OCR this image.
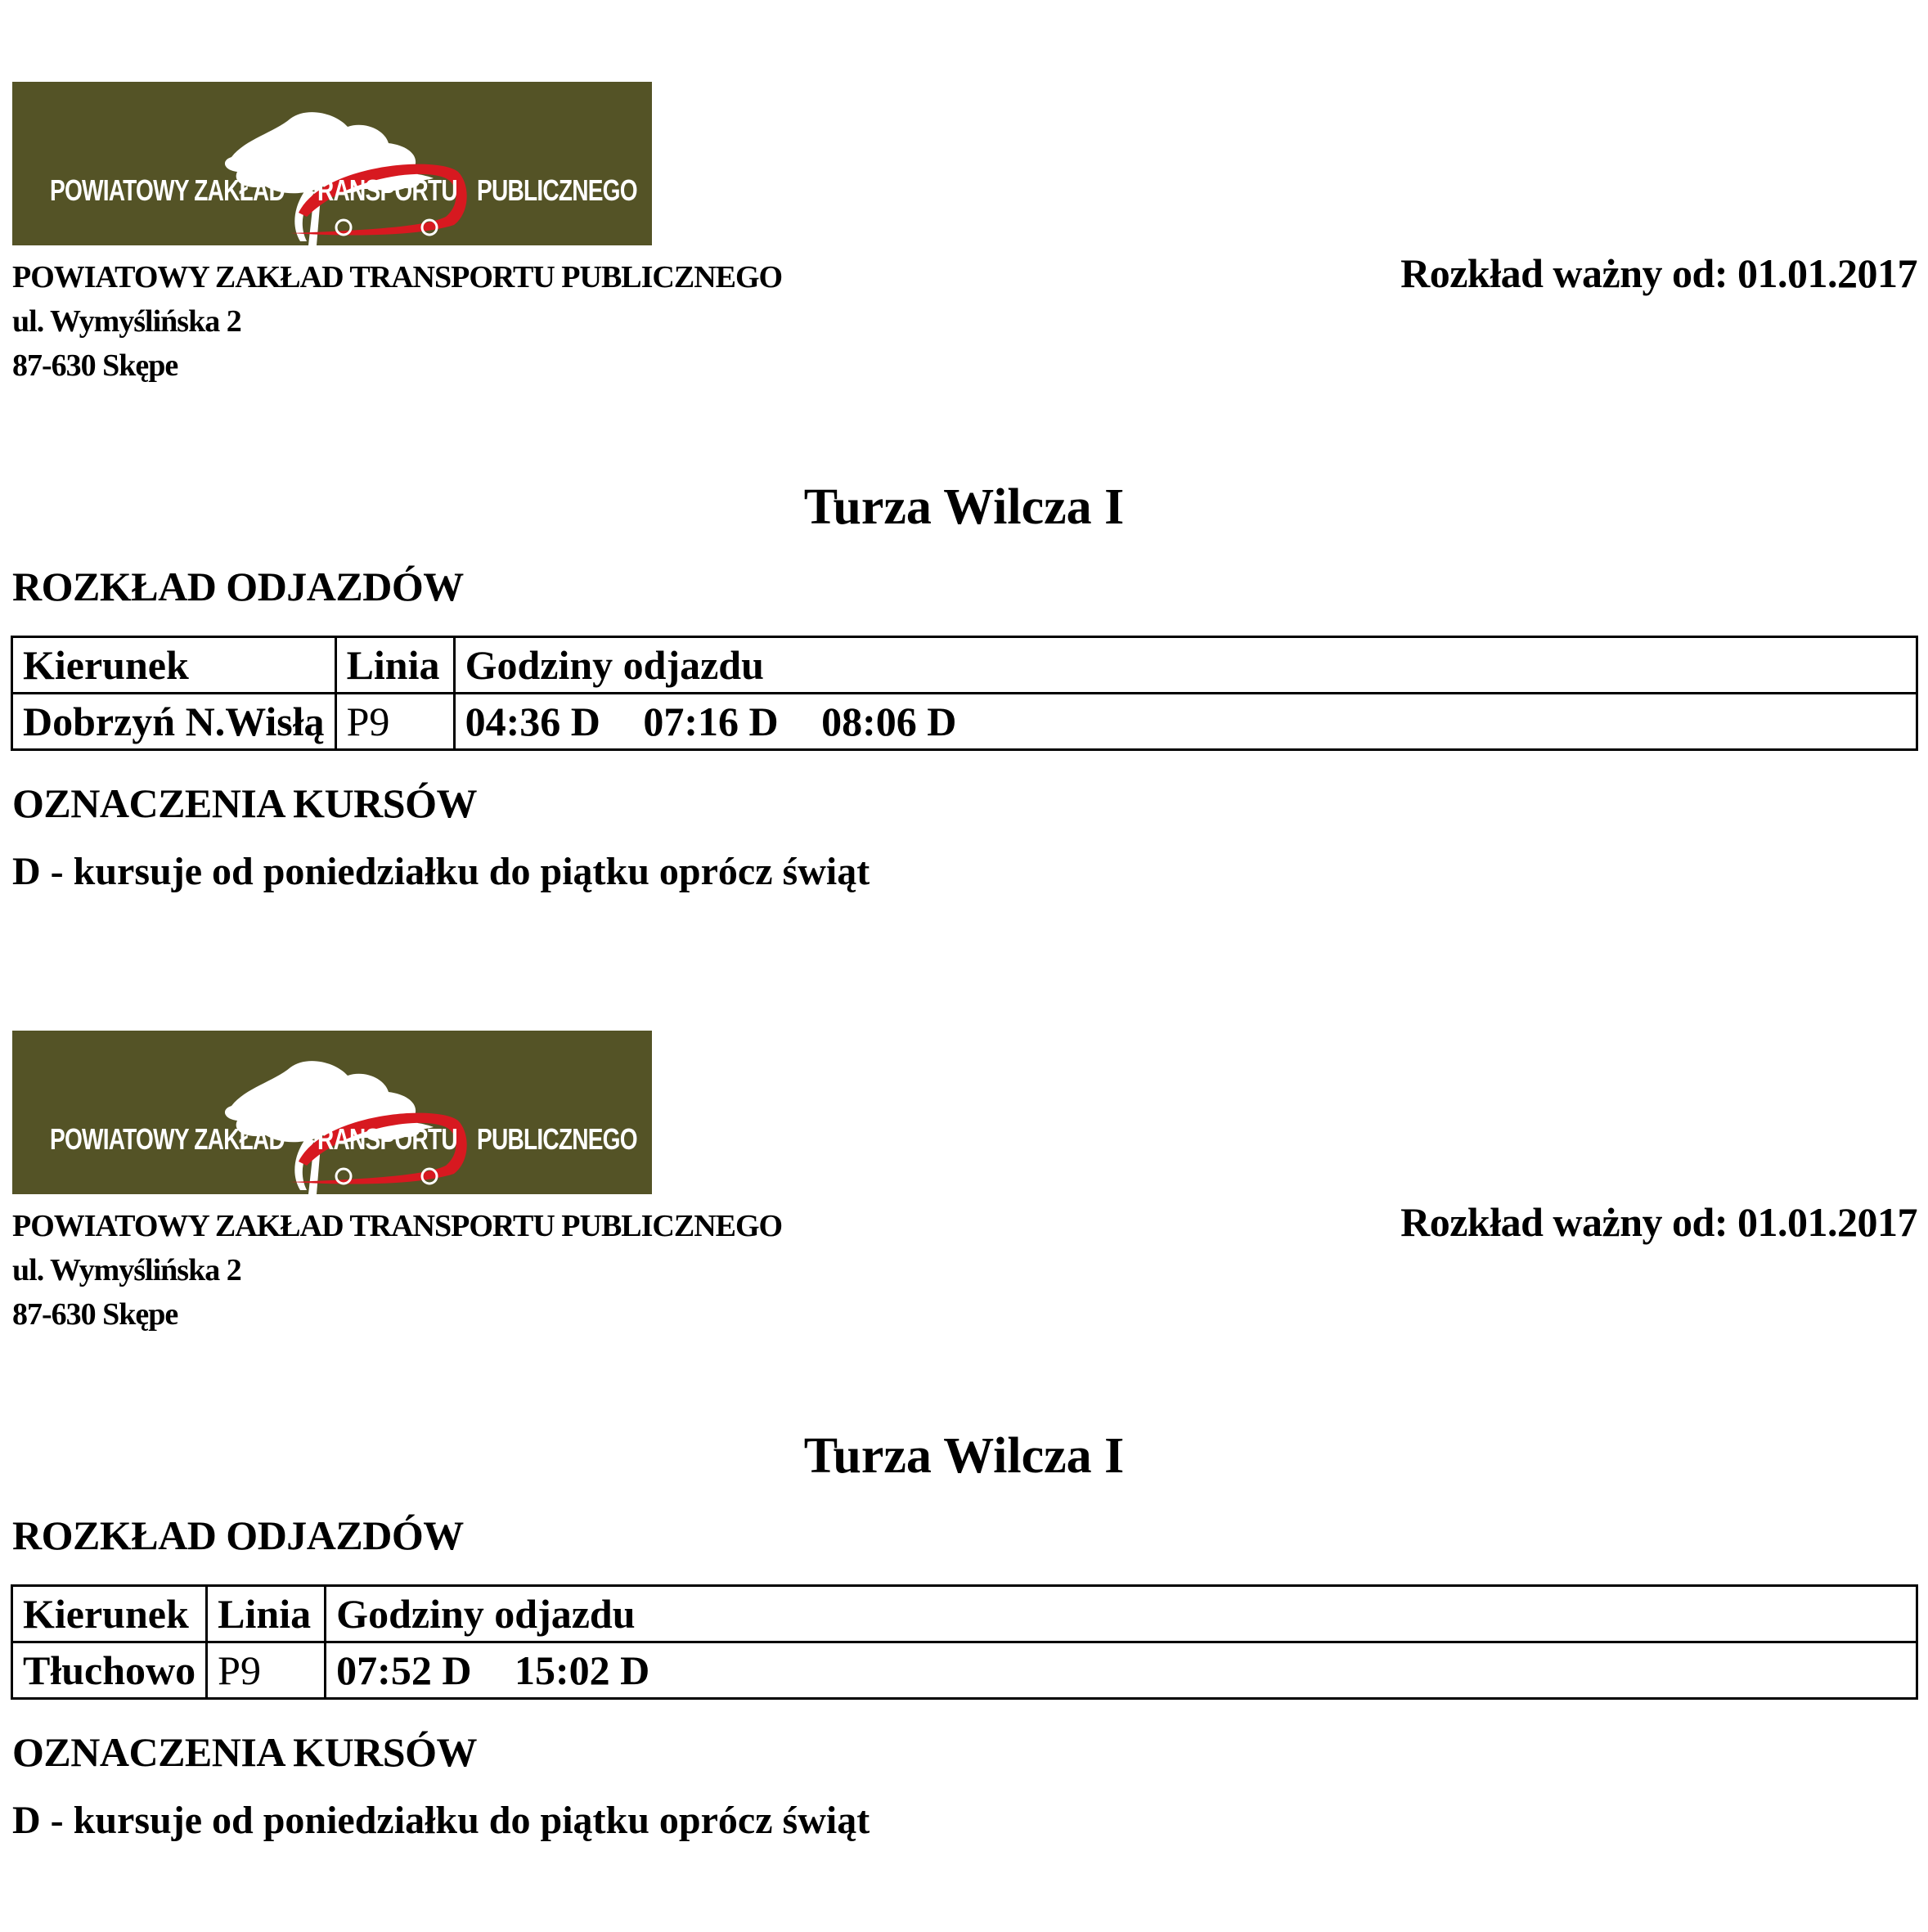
POWIATOWY ZAKŁAD RANSPORTU PUBLICZNEGO
POWIATOWY ZAKŁAD TRANSPORTU PUBLICZNEGO
ul. Wymyślińska 2
87-630 Skępe
Rozkład ważny od: 01.01.2017
Turza Wilcza I
ROZKŁAD ODJAZDÓW
Kierunek	Linia	Godziny odjazdu
Dobrzyń N.Wisłą	P9	04:36 D 07:16 D 08:06 D
OZNACZENIA KURSÓW
D - kursuje od poniedziałku do piątku oprócz świąt
POWIATOWY ZAKŁAD RANSPORTU PUBLICZNEGO
POWIATOWY ZAKŁAD TRANSPORTU PUBLICZNEGO
ul. Wymyślińska 2
87-630 Skępe
Rozkład ważny od: 01.01.2017
Turza Wilcza I
ROZKŁAD ODJAZDÓW
Kierunek	Linia	Godziny odjazdu
Tłuchowo	P9	07:52 D 15:02 D
OZNACZENIA KURSÓW
D - kursuje od poniedziałku do piątku oprócz świąt
